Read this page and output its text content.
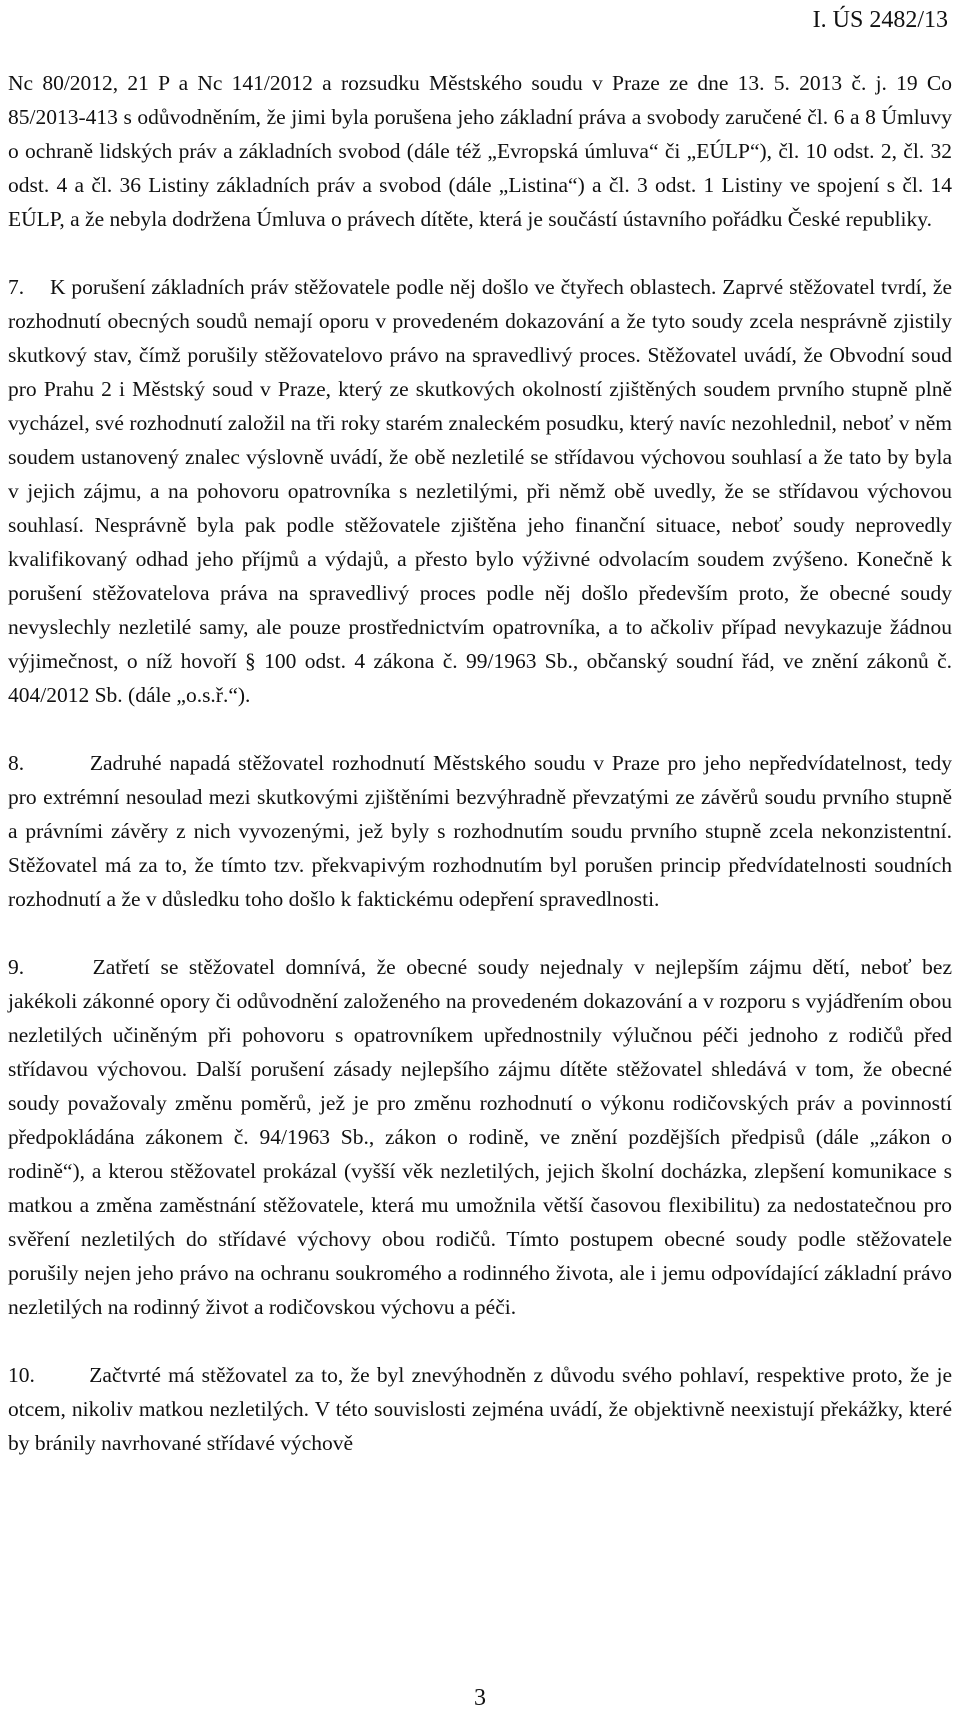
I. ÚS 2482/13

Nc 80/2012, 21 P a Nc 141/2012 a rozsudku Městského soudu v Praze ze dne 13. 5. 2013 č. j. 19 Co 85/2013-413 s odůvodněním, že jimi byla porušena jeho základní práva a svobody zaručené čl. 6 a 8 Úmluvy o ochraně lidských práv a základních svobod (dále též „Evropská úmluva“ či „EÚLP“), čl. 10 odst. 2, čl. 32 odst. 4 a čl. 36 Listiny základních práv a svobod (dále „Listina“) a čl. 3 odst. 1 Listiny ve spojení s čl. 14 EÚLP, a že nebyla dodržena Úmluva o právech dítěte, která je součástí ústavního pořádku České republiky.

7. K porušení základních práv stěžovatele podle něj došlo ve čtyřech oblastech. Zaprvé stěžovatel tvrdí, že rozhodnutí obecných soudů nemají oporu v provedeném dokazování a že tyto soudy zcela nesprávně zjistily skutkový stav, čímž porušily stěžovatelovo právo na spravedlivý proces. Stěžovatel uvádí, že Obvodní soud pro Prahu 2 i Městský soud v Praze, který ze skutkových okolností zjištěných soudem prvního stupně plně vycházel, své rozhodnutí založil na tři roky starém znaleckém posudku, který navíc nezohlednil, neboť v něm soudem ustanovený znalec výslovně uvádí, že obě nezletilé se střídavou výchovou souhlasí a že tato by byla v jejich zájmu, a na pohovoru opatrovníka s nezletilými, při němž obě uvedly, že se střídavou výchovou souhlasí. Nesprávně byla pak podle stěžovatele zjištěna jeho finanční situace, neboť soudy neprovedly kvalifikovaný odhad jeho příjmů a výdajů, a přesto bylo výživné odvolacím soudem zvýšeno. Konečně k porušení stěžovatelova práva na spravedlivý proces podle něj došlo především proto, že obecné soudy nevyslechly nezletilé samy, ale pouze prostřednictvím opatrovníka, a to ačkoliv případ nevykazuje žádnou výjimečnost, o níž hovoří § 100 odst. 4 zákona č. 99/1963 Sb., občanský soudní řád, ve znění zákonů č. 404/2012 Sb. (dále „o.s.ř.“).

8.	Zadruhé napadá stěžovatel rozhodnutí Městského soudu v Praze pro jeho nepředvídatelnost, tedy pro extrémní nesoulad mezi skutkovými zjištěními bezvýhradně převzatými ze závěrů soudu prvního stupně a právními závěry z nich vyvozenými, jež byly s rozhodnutím soudu prvního stupně zcela nekonzistentní. Stěžovatel má za to, že tímto tzv. překvapivým rozhodnutím byl porušen princip předvídatelnosti soudních rozhodnutí a že v důsledku toho došlo k faktickému odepření spravedlnosti.

9.	Zatřetí se stěžovatel domnívá, že obecné soudy nejednaly v nejlepším zájmu dětí, neboť bez jakékoli zákonné opory či odůvodnění založeného na provedeném dokazování a v rozporu s vyjádřením obou nezletilých učiněným při pohovoru s opatrovníkem upřednostnily výlučnou péči jednoho z rodičů před střídavou výchovou. Další porušení zásady nejlepšího zájmu dítěte stěžovatel shledává v tom, že obecné soudy považovaly změnu poměrů, jež je pro změnu rozhodnutí o výkonu rodičovských práv a povinností předpokládána zákonem č. 94/1963 Sb., zákon o rodině, ve znění pozdějších předpisů (dále „zákon o rodině“), a kterou stěžovatel prokázal (vyšší věk nezletilých, jejich školní docházka, zlepšení komunikace s matkou a změna zaměstnání stěžovatele, která mu umožnila větší časovou flexibilitu) za nedostatečnou pro svěření nezletilých do střídavé výchovy obou rodičů. Tímto postupem obecné soudy podle stěžovatele porušily nejen jeho právo na ochranu soukromého a rodinného života, ale i jemu odpovídající základní právo nezletilých na rodinný život a rodičovskou výchovu a péči.

10.	Začtvrté má stěžovatel za to, že byl znevýhodněn z důvodu svého pohlaví, respektive proto, že je otcem, nikoliv matkou nezletilých. V této souvislosti zejména uvádí, že objektivně neexistují překážky, které by bránily navrhované střídavé výchově

3
